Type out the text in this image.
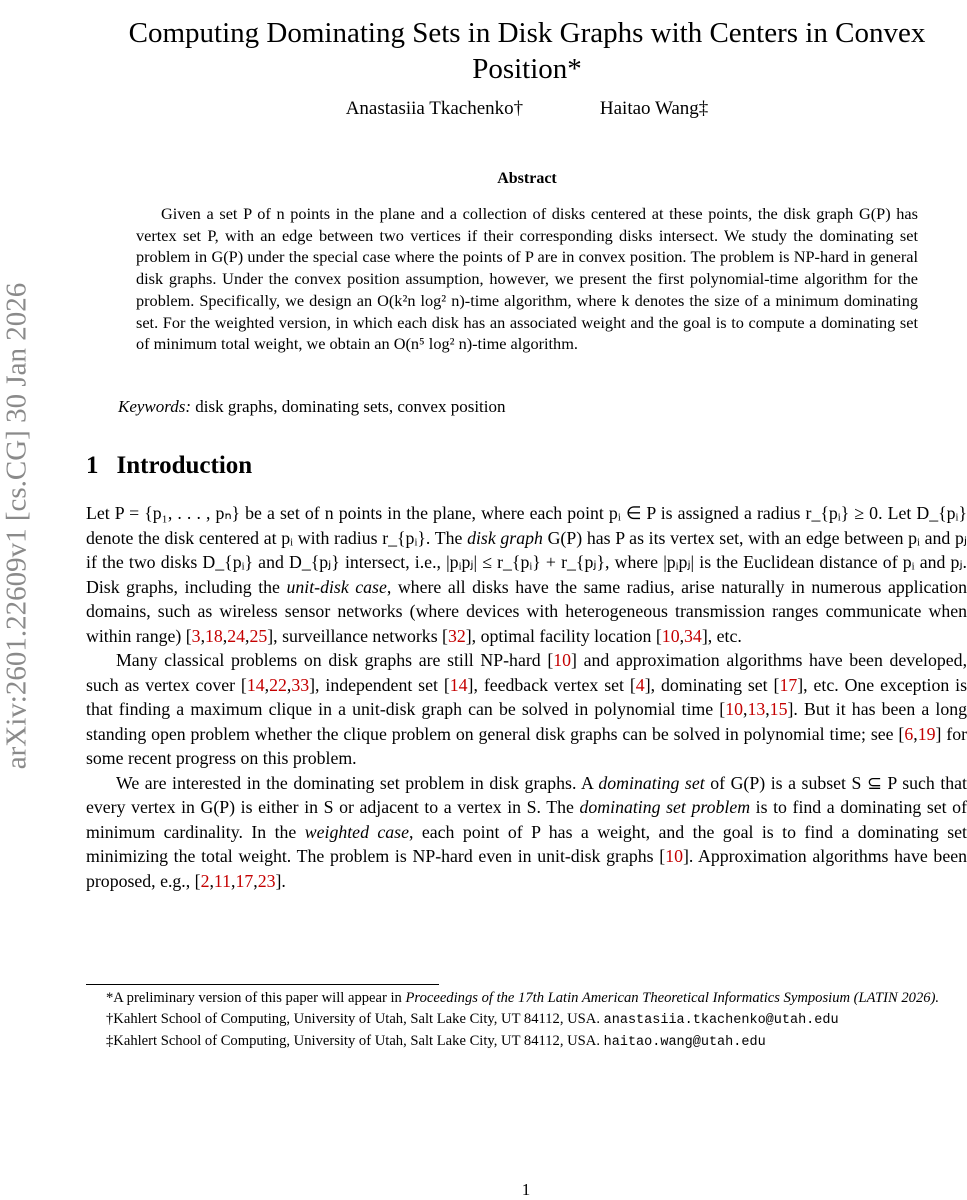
arXiv:2601.22609v1 [cs.CG] 30 Jan 2026
Computing Dominating Sets in Disk Graphs with Centers in Convex Position*
Anastasiia Tkachenko†	Haitao Wang‡
Abstract

Given a set P of n points in the plane and a collection of disks centered at these points, the disk graph G(P) has vertex set P, with an edge between two vertices if their corresponding disks intersect. We study the dominating set problem in G(P) under the special case where the points of P are in convex position. The problem is NP-hard in general disk graphs. Under the convex position assumption, however, we present the first polynomial-time algorithm for the problem. Specifically, we design an O(k²n log² n)-time algorithm, where k denotes the size of a minimum dominating set. For the weighted version, in which each disk has an associated weight and the goal is to compute a dominating set of minimum total weight, we obtain an O(n⁵ log² n)-time algorithm.

Keywords: disk graphs, dominating sets, convex position
1 Introduction

Let P = {p₁, . . . , pₙ} be a set of n points in the plane, where each point pᵢ ∈ P is assigned a radius r_{pᵢ} ≥ 0. Let D_{pᵢ} denote the disk centered at pᵢ with radius r_{pᵢ}. The disk graph G(P) has P as its vertex set, with an edge between pᵢ and pⱼ if the two disks D_{pᵢ} and D_{pⱼ} intersect, i.e., |pᵢpⱼ| ≤ r_{pᵢ} + r_{pⱼ}, where |pᵢpⱼ| is the Euclidean distance of pᵢ and pⱼ. Disk graphs, including the unit-disk case, where all disks have the same radius, arise naturally in numerous application domains, such as wireless sensor networks (where devices with heterogeneous transmission ranges communicate when within range) [3,18,24,25], surveillance networks [32], optimal facility location [10,34], etc.

Many classical problems on disk graphs are still NP-hard [10] and approximation algorithms have been developed, such as vertex cover [14,22,33], independent set [14], feedback vertex set [4], dominating set [17], etc. One exception is that finding a maximum clique in a unit-disk graph can be solved in polynomial time [10,13,15]. But it has been a long standing open problem whether the clique problem on general disk graphs can be solved in polynomial time; see [6,19] for some recent progress on this problem.

We are interested in the dominating set problem in disk graphs. A dominating set of G(P) is a subset S ⊆ P such that every vertex in G(P) is either in S or adjacent to a vertex in S. The dominating set problem is to find a dominating set of minimum cardinality. In the weighted case, each point of P has a weight, and the goal is to find a dominating set minimizing the total weight. The problem is NP-hard even in unit-disk graphs [10]. Approximation algorithms have been proposed, e.g., [2,11,17,23].

*A preliminary version of this paper will appear in Proceedings of the 17th Latin American Theoretical Informatics Symposium (LATIN 2026).

†Kahlert School of Computing, University of Utah, Salt Lake City, UT 84112, USA. anastasiia.tkachenko@utah.edu

‡Kahlert School of Computing, University of Utah, Salt Lake City, UT 84112, USA. haitao.wang@utah.edu

1
